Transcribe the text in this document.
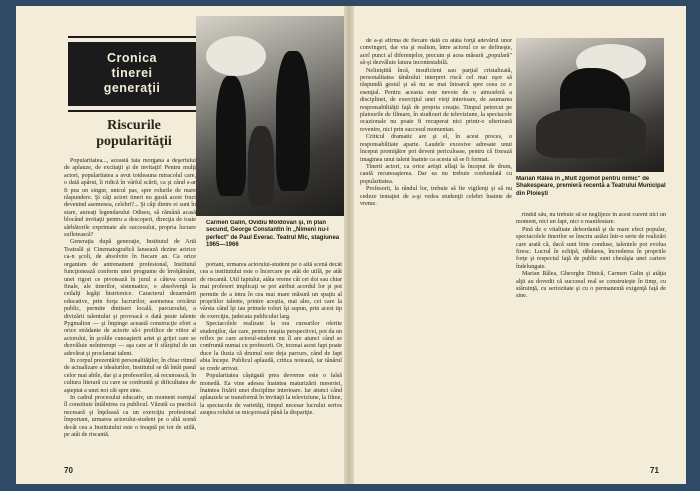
Cronica
tinerei
generaţii
Riscurile
popularităţii

Popularitatea..., această fata morgana a deşertului de aplauze, de excitaţii şi de invitaţii! Pentru mulţi actori, popularitatea a avut totdeauna miracolul care, o dată apărut, îi ridică în vârful scării, ca şi când s-ar fi pus un singur, unicul pas, spre rolurile de mare răspundere. Şi câţi actori tineri nu gustă acest fruct devenind asemenea, celebri?... Şi câţi dintre ei sunt în stare, aureaţi legendarului Odiseu, să rămână acasă blocând invitaţii pentru a descoperi, direcţia de toate sărbătorile exprimate ale succesului, propria lucrare sufletească?

Generaţia după generaţie, Institutul de Artă Teatrală şi Cinematografică lansează dezine actrice ca-n şcoli, de absolvire în fiecare an. Ca orice organism de antrenament profesional, Institutul funcţionează conform unei programe de învăţământ, unei rigori ce pivotează în jurul a câteva cursuri finale, ale tinerilor, sistematice, o absolvenţă la ceilalţi legăţi histrionice. Caracterul dezarmării educative, prin forţa lucrurilor, asemenea oricărui public, permite dintiseri locală, parcursului, a divizării talentului şi provoacă o dată peste talente Pygmalion — şi împinge această construcţie efort a orice strădanie de actorie să-i profilice de viitor al actorului, în şcolile cunoaşterii artei şi grijei care se dezvăluie neîntrerupt — aşa care ar fi sfârşitul de un adevărat şi proclamat talent.

In corpul prezentării personalităţilor, în chiar ritmul de actualizare a idealurilor, Institutul se dă întâi pasul celor mai abile, dar şi a profesorilor, să recunoască, în cultura literară cu care se confruntă şi dificultatea de aşteptat a unei noi căi spre sine.

In cadrul procesului educativ, un moment esenţial îl constituie întâlnirea cu publicul. Văzută ca practică necesară şi înţeleasă ca un exerciţiu profesional împortant, urmarea actorului-student pe o altă scenă decât cea a Institutului este o treaptă pe tot de utilă, pe atât de riscantă.

Carmen Galin, Ovidiu Moldovan şi, în plan secund, George Constantin în „Nimeni nu-i perfect" de Paul Everac. Teatrul Mic, stagiunea 1965—1966

portant, urmarea actorului-student pe o altă scenă decât cea a institutului este o încercare pe atât de utilă, pe atât de riscantă. Util faptului, atâta vreme cât cei doi sau chiar mai profesori implicaţi se pot atribui acordul lor şi pot permite de a intra în cea mai mare măsură un spaţiu al propriilor talente, printre aceştia, mai ales, cei care la vârsta când îşi iau primele roluri îşi supun, prin acest tip de exerciţiu, judecata publicului larg.

Spectacolele realizate la ora cursurilor oferite studenţilor, dar care, pentru reuşita perspectivei, pot da un reflex pe care actorul-student nu îl are atunci când se confruntă numai cu profesorii. Or, tocmai acest fapt poate duce la iluzia că drumul este deja parcurs, când de fapt abia începe. Publicul aplaudă, critica notează, iar tânărul se crede arrivat.

Popularitatea câştigată prea devreme este o falsă monedă. Ea vine adesea înaintea maturizării meseriei, înaintea fixării unei discipline interioare. Iar atunci când aplauzele se transformă în invitaţii la televiziune, la filme, la spectacole de varietăţi, timpul necesar lucrului serios asupra rolului se micşorează până la dispariţie.

70

de a-şi afirma de fiecare dată cu atâta forţă adevărul unor convingeri, dar via şi realism, între actorul ce se defineşte, acel punct al diferenţelor, precum şi acea măsură „populară" să-şi dezvăluie latura incontestabilă.

Neliniştită încă, insuficient sau parţial cristalizată, personalitatea tânărului interpret riscă cel mai uşor să răspundă gestul şi să nu se mai întoarcă spre ceea ce e esenţial. Pentru aceasta este nevoie de o atmosferă a disciplinei, de exerciţiul unei vieţi interioare, de asumarea responsabilităţii faţă de propria creaţie. Timpul petrecut pe platourile de filmare, în studiouri de televiziune, la spectacole ocazionale nu poate fi recuperat nici printr-o ulterioară revenire, nici prin succesul momentan.

Criticul dramatic are şi el, în acest proces, o responsabilitate aparte. Laudele excesive adresate unui început promiţător pot deveni periculoase, pentru că fixează imaginea unui talent înainte ca acesta să se fi format.

Tinerii actori, ca orice artişti aflaţi la început de drum, caută recunoaşterea. Dar ea nu trebuie confundată cu popularitatea.

Profesorii, la rândul lor, trebuie să fie vigilenţi şi să nu cedeze tentaţiei de a-şi vedea studenţii celebri înainte de vreme.

Marian Râlea în „Mult zgomot pentru nimic" de Shakespeare, premieră recentă a Teatrului Municipal din Ploieşti

rindul său, nu trebuie să se neglijeze în acest curent nici un moment, nici un fapt, nici o manifestare.

Pină de o vitalitate debordantă şi de mare efect popular, spectacolele tinerilor se înscriu astăzi într-o serie de realizări care arată că, dacă sunt bine conduse, talentele pot evolua firesc. Lucrul în echipă, răbdarea, încrederea în propriile forţe şi respectul faţă de public sunt chezăşia unei cariere îndelungate.

Marian Râlea, Gheorghe Dinică, Carmen Galin şi atâţia alţii au dovedit că succesul real se construieşte în timp, cu stăruinţă, cu seriozitate şi cu o permanentă exigenţă faţă de sine.

71
